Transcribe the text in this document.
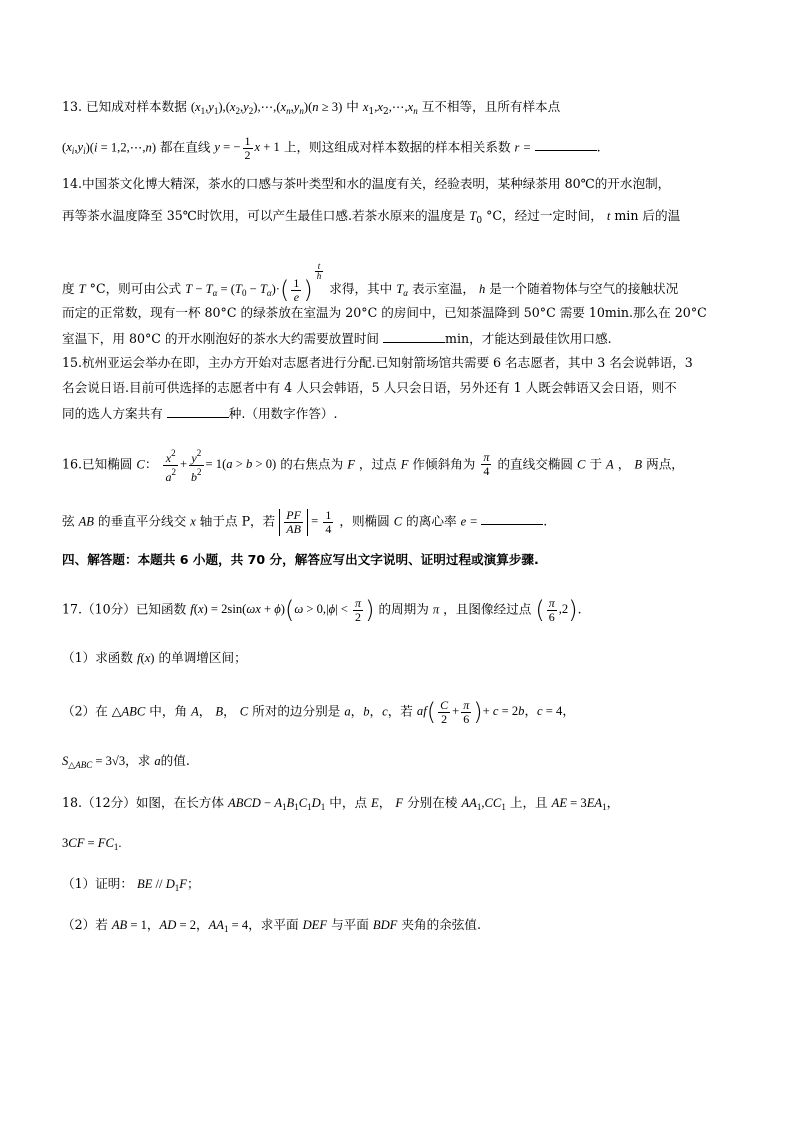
13. 已知成对样本数据 $(x_1,y_1),(x_2,y_2),\cdots,(x_n,y_n)(n \ge 3)$ 中 $x_1,x_2,\cdots,x_n$ 互不相等，且所有样本点
$(x_i,y_i)(i$ = 1,2,⋯,n) 都在直线 y = − $\frac{1}{2}$ x + 1 上，则这组成对样本数据的样本相关系数 r =	.
14.中国茶文化博大精深，茶水的口感与茶叶类型和水的温度有关，经验表明，某种绿茶用 80℃的开水泡制，
再等茶水温度降至 35℃时饮用，可以产生最佳口感.若茶水原来的温度是 $T_0$ °C，经过一定时间， t min 后的温
度 T °C，则可由公式 $T - T_\alpha = (T_0 - T_\alpha)\cdot( \frac{1}{e}$ )
$\frac{t}{h}$
求得，其中 $T_\alpha$ 表示室温， h 是一个随着物体与空气的接触状况
而定的正常数，现有一杯 80°C 的绿茶放在室温为 20°C 的房间中，已知茶温降到 50°C 需要 10min.那么在 20°C
室温下，用 80°C 的开水刚泡好的茶水大约需要放置时间	min，才能达到最佳饮用口感.
15.杭州亚运会举办在即，主办方开始对志愿者进行分配.已知射箭场馆共需要 6 名志愿者，其中 3 名会说韩语，3
名会说日语.目前可供选择的志愿者中有 4 人只会韩语，5 人只会日语，另外还有 1 人既会韩语又会日语，则不
同的选人方案共有	种.（用数字作答）.
16.已知椭圆 C： $\frac{x^2}{a^2} + \frac{y^2}{b^2} = 1(a > b > 0)$ 的右焦点为 F ，过点 F 作倾斜角为 $\frac{\pi}{4}$ 的直线交椭圆 C 于 A ， B 两点，
弦 AB 的垂直平分线交 x 轴于点 P，若 $\frac{PF}{AB} = \frac{1}{4}$ ，则椭圆 C 的离心率 e =	.
四、解答题：本题共 6 小题，共 70 分，解答应写出文字说明、证明过程或演算步骤.
17.（10分）已知函数 $f(x) = 2\sin(\omega x + \phi)(\omega > 0,|\phi| < \frac{\pi}{2}$ ) 的周期为 π ，且图像经过点 ( $\frac{\pi}{6} ,2$).
（1）求函数 f(x) 的单调增区间；
（2）在 △ABC 中，角 A， B， C 所对的边分别是 a，b，c，若 $af( \frac{C}{2} + \frac{\pi}{6}$ )+ c = 2b，c = 4，
$S_{\triangle ABC} = 3√3$，求 a的值.
18.（12分）如图，在长方体 ABCD − $A_1B_1C_1D_1$ 中，点 E， F 分别在棱 $AA_1,CC_1$ 上，且 AE = $3EA_1$，
$3CF = FC_1$.
（1）证明： BE // $D_1F$；
（2）若 AB = 1，AD = 2，$AA_1 = 4$，求平面 DEF 与平面 BDF 夹角的余弦值.
